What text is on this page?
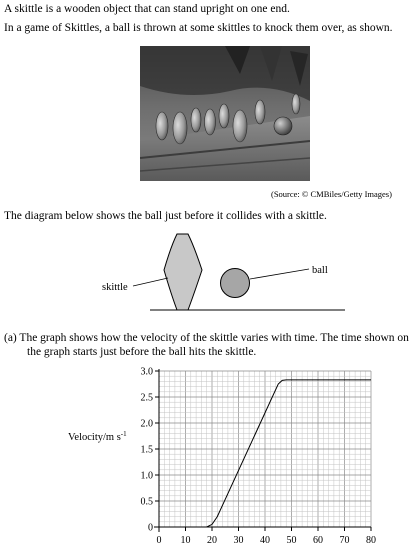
A skittle is a wooden object that can stand upright on one end.

In a game of Skittles, a ball is thrown at some skittles to knock them over, as shown.

(Source: © CMBiles/Getty Images)

The diagram below shows the ball just before it collides with a skittle.

skittle
ball

(a) The graph shows how the velocity of the skittle varies with time. The time shown on

the graph starts just before the ball hits the skittle.

0
0.5
1.0
1.5
2.0
2.5
3.0
0 10 20 30 40 50 60 70 80
Velocity/m $s^{-1}$
